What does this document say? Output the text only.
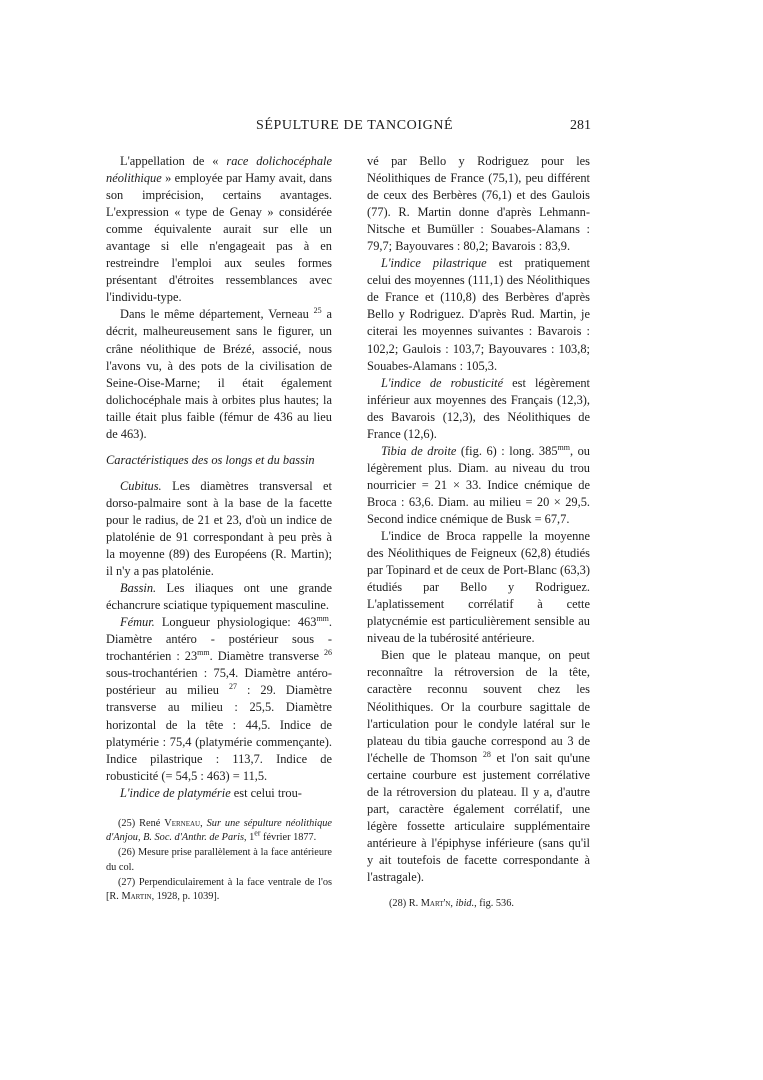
SÉPULTURE DE TANCOIGNÉ	281

L'appellation de « race dolichocéphale néolithique » employée par Hamy avait, dans son imprécision, certains avantages. L'expression « type de Genay » considérée comme équivalente aurait sur elle un avantage si elle n'engageait pas à en restreindre l'emploi aux seules formes présentant d'étroites ressemblances avec l'individu-type.

Dans le même département, Verneau $^{25}$ a décrit, malheureusement sans le figurer, un crâne néolithique de Brézé, associé, nous l'avons vu, à des pots de la civilisation de Seine-Oise-Marne; il était également dolichocéphale mais à orbites plus hautes; la taille était plus faible (fémur de 436 au lieu de 463).

Caractéristiques des os longs et du bassin

Cubitus. Les diamètres transversal et dorso-palmaire sont à la base de la facette pour le radius, de 21 et 23, d'où un indice de platolénie de 91 correspondant à peu près à la moyenne (89) des Européens (R. Martin); il n'y a pas platolénie.

Bassin. Les iliaques ont une grande échancrure sciatique typiquement masculine.

Fémur. Longueur physiologique: $463^{mm}$. Diamètre antéro - postérieur sous - trochantérien : $23^{mm}$. Diamètre transverse $^{26}$ sous-trochantérien : 75,4. Diamètre antéro-postérieur au milieu $^{27}$ : 29. Diamètre transverse au milieu : 25,5. Diamètre horizontal de la tête : 44,5. Indice de platymérie : 75,4 (platymérie commençante). Indice pilastrique : 113,7. Indice de robusticité (= 54,5 : 463) = 11,5.

L'indice de platymérie est celui trou-

(25) René Verneau, Sur une sépulture néolithique d'Anjou, B. Soc. d'Anthr. de Paris, 1er février 1877.

(26) Mesure prise parallèlement à la face antérieure du col.

(27) Perpendiculairement à la face ventrale de l'os [R. Martin, 1928, p. 1039].

vé par Bello y Rodriguez pour les Néolithiques de France (75,1), peu différent de ceux des Berbères (76,1) et des Gaulois (77). R. Martin donne d'après Lehmann-Nitsche et Bumüller : Souabes-Alamans : 79,7; Bayouvares : 80,2; Bavarois : 83,9.

L'indice pilastrique est pratiquement celui des moyennes (111,1) des Néolithiques de France et (110,8) des Berbères d'après Bello y Rodriguez. D'après Rud. Martin, je citerai les moyennes suivantes : Bavarois : 102,2; Gaulois : 103,7; Bayouvares : 103,8; Souabes-Alamans : 105,3.

L'indice de robusticité est légèrement inférieur aux moyennes des Français (12,3), des Bavarois (12,3), des Néolithiques de France (12,6).

Tibia de droite (fig. 6) : long. $385^{mm}$, ou légèrement plus. Diam. au niveau du trou nourricier = 21 × 33. Indice cnémique de Broca : 63,6. Diam. au milieu = 20 × 29,5. Second indice cnémique de Busk = 67,7.

L'indice de Broca rappelle la moyenne des Néolithiques de Feigneux (62,8) étudiés par Topinard et de ceux de Port-Blanc (63,3) étudiés par Bello y Rodriguez. L'aplatissement corrélatif à cette platycnémie est particulièrement sensible au niveau de la tubérosité antérieure.

Bien que le plateau manque, on peut reconnaître la rétroversion de la tête, caractère reconnu souvent chez les Néolithiques. Or la courbure sagittale de l'articulation pour le condyle latéral sur le plateau du tibia gauche correspond au 3 de l'échelle de Thomson $^{28}$ et l'on sait qu'une certaine courbure est justement corrélative de la rétroversion du plateau. Il y a, d'autre part, caractère également corrélatif, une légère fossette articulaire supplémentaire antérieure à l'épiphyse inférieure (sans qu'il y ait toutefois de facette correspondante à l'astragale).

(28) R. Mart'n, ibid., fig. 536.
